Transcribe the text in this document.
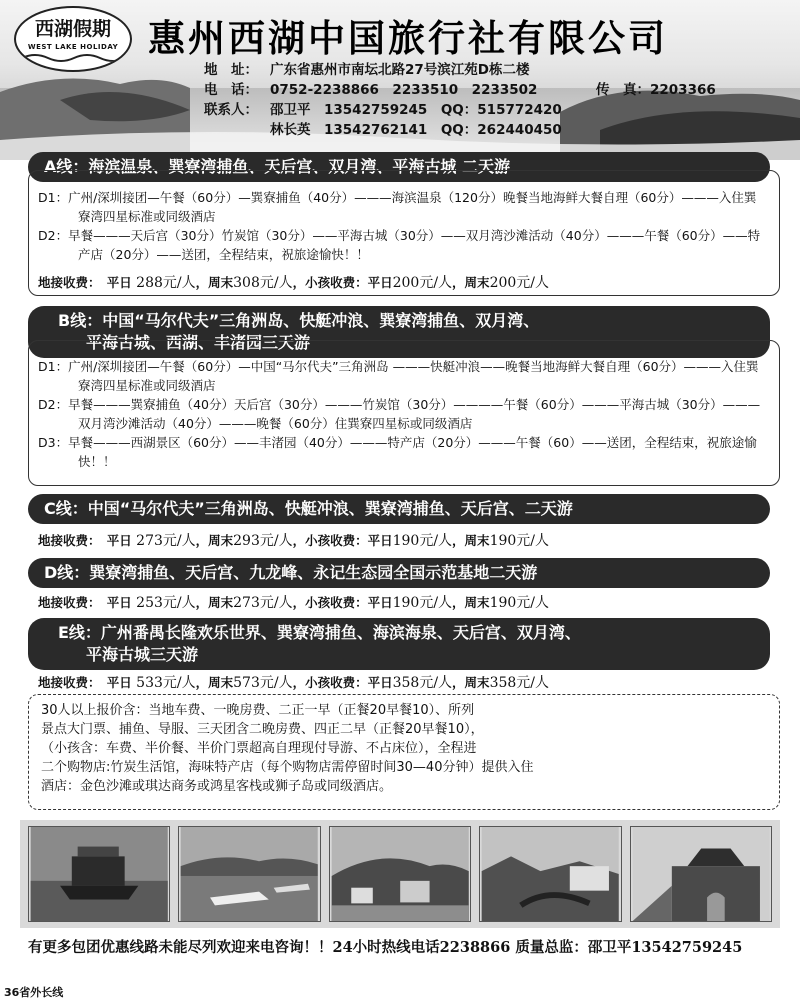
西湖假期
WEST LAKE HOLIDAY 惠州西湖中国旅行社有限公司
地　址： 广东省惠州市南坛北路27号滨江苑D栋二楼
电　话： 0752-2238866　2233510　2233502	传　真：2203366
联系人： 邵卫平　13542759245　QQ：515772420
林长英　13542762141　QQ：262440450
A线：海滨温泉、巽寮湾捕鱼、天后宫、双月湾、平海古城 二天游

D1：广州/深圳接团—午餐（60分）—巽寮捕鱼（40分）———海滨温泉（120分）晚餐当地海鲜大餐自理（60分）———入住巽寮湾四星标准或同级酒店

D2：早餐———天后宫（30分）竹炭馆（30分）——平海古城（30分）——双月湾沙滩活动（40分）———午餐（60分）——特产店（20分）——送团，全程结束，祝旅途愉快！！

地接收费：　 平日 288元/人，周末308元/人，小孩收费：平日200元/人，周末200元/人
B线：中国“马尔代夫”三角洲岛、快艇冲浪、巽寮湾捕鱼、双月湾、
平海古城、西湖、丰渚园三天游

D1：广州/深圳接团—午餐（60分）—中国“马尔代夫”三角洲岛 ———快艇冲浪——晚餐当地海鲜大餐自理（60分）———入住巽寮湾四星标准或同级酒店

D2：早餐———巽寮捕鱼（40分）天后宫（30分）———竹炭馆（30分）————午餐（60分）———平海古城（30分）———双月湾沙滩活动（40分）———晚餐（60分）住巽寮四星标或同级酒店

D3：早餐———西湖景区（60分）——丰渚园（40分）———特产店（20分）———午餐（60）——送团，全程结束，祝旅途愉快！！

C线：中国“马尔代夫”三角洲岛、快艇冲浪、巽寮湾捕鱼、天后宫、二天游
地接收费：　 平日 273元/人，周末293元/人，小孩收费：平日190元/人，周末190元/人
D线：巽寮湾捕鱼、天后宫、九龙峰、永记生态园全国示范基地二天游
地接收费：　 平日 253元/人，周末273元/人，小孩收费：平日190元/人，周末190元/人
E线：广州番禺长隆欢乐世界、巽寮湾捕鱼、海滨海泉、天后宫、双月湾、
平海古城三天游
地接收费：　 平日 533元/人，周末573元/人，小孩收费：平日358元/人，周末358元/人
30人以上报价含：当地车费、一晚房费、二正一早（正餐20早餐10）、所列
景点大门票、捕鱼、导服、三天团含二晚房费、四正二早（正餐20早餐10），
（小孩含：车费、半价餐、半价门票超高自理现付导游、不占床位），全程进
二个购物店:竹炭生活馆，海味特产店（每个购物店需停留时间30—40分钟）提供入住
酒店：金色沙滩或琪达商务或鸿星客栈或狮子岛或同级酒店。
有更多包团优惠线路未能尽列欢迎来电咨询！！24小时热线电话2238866 质量总监：邵卫平13542759245
36省外长线
